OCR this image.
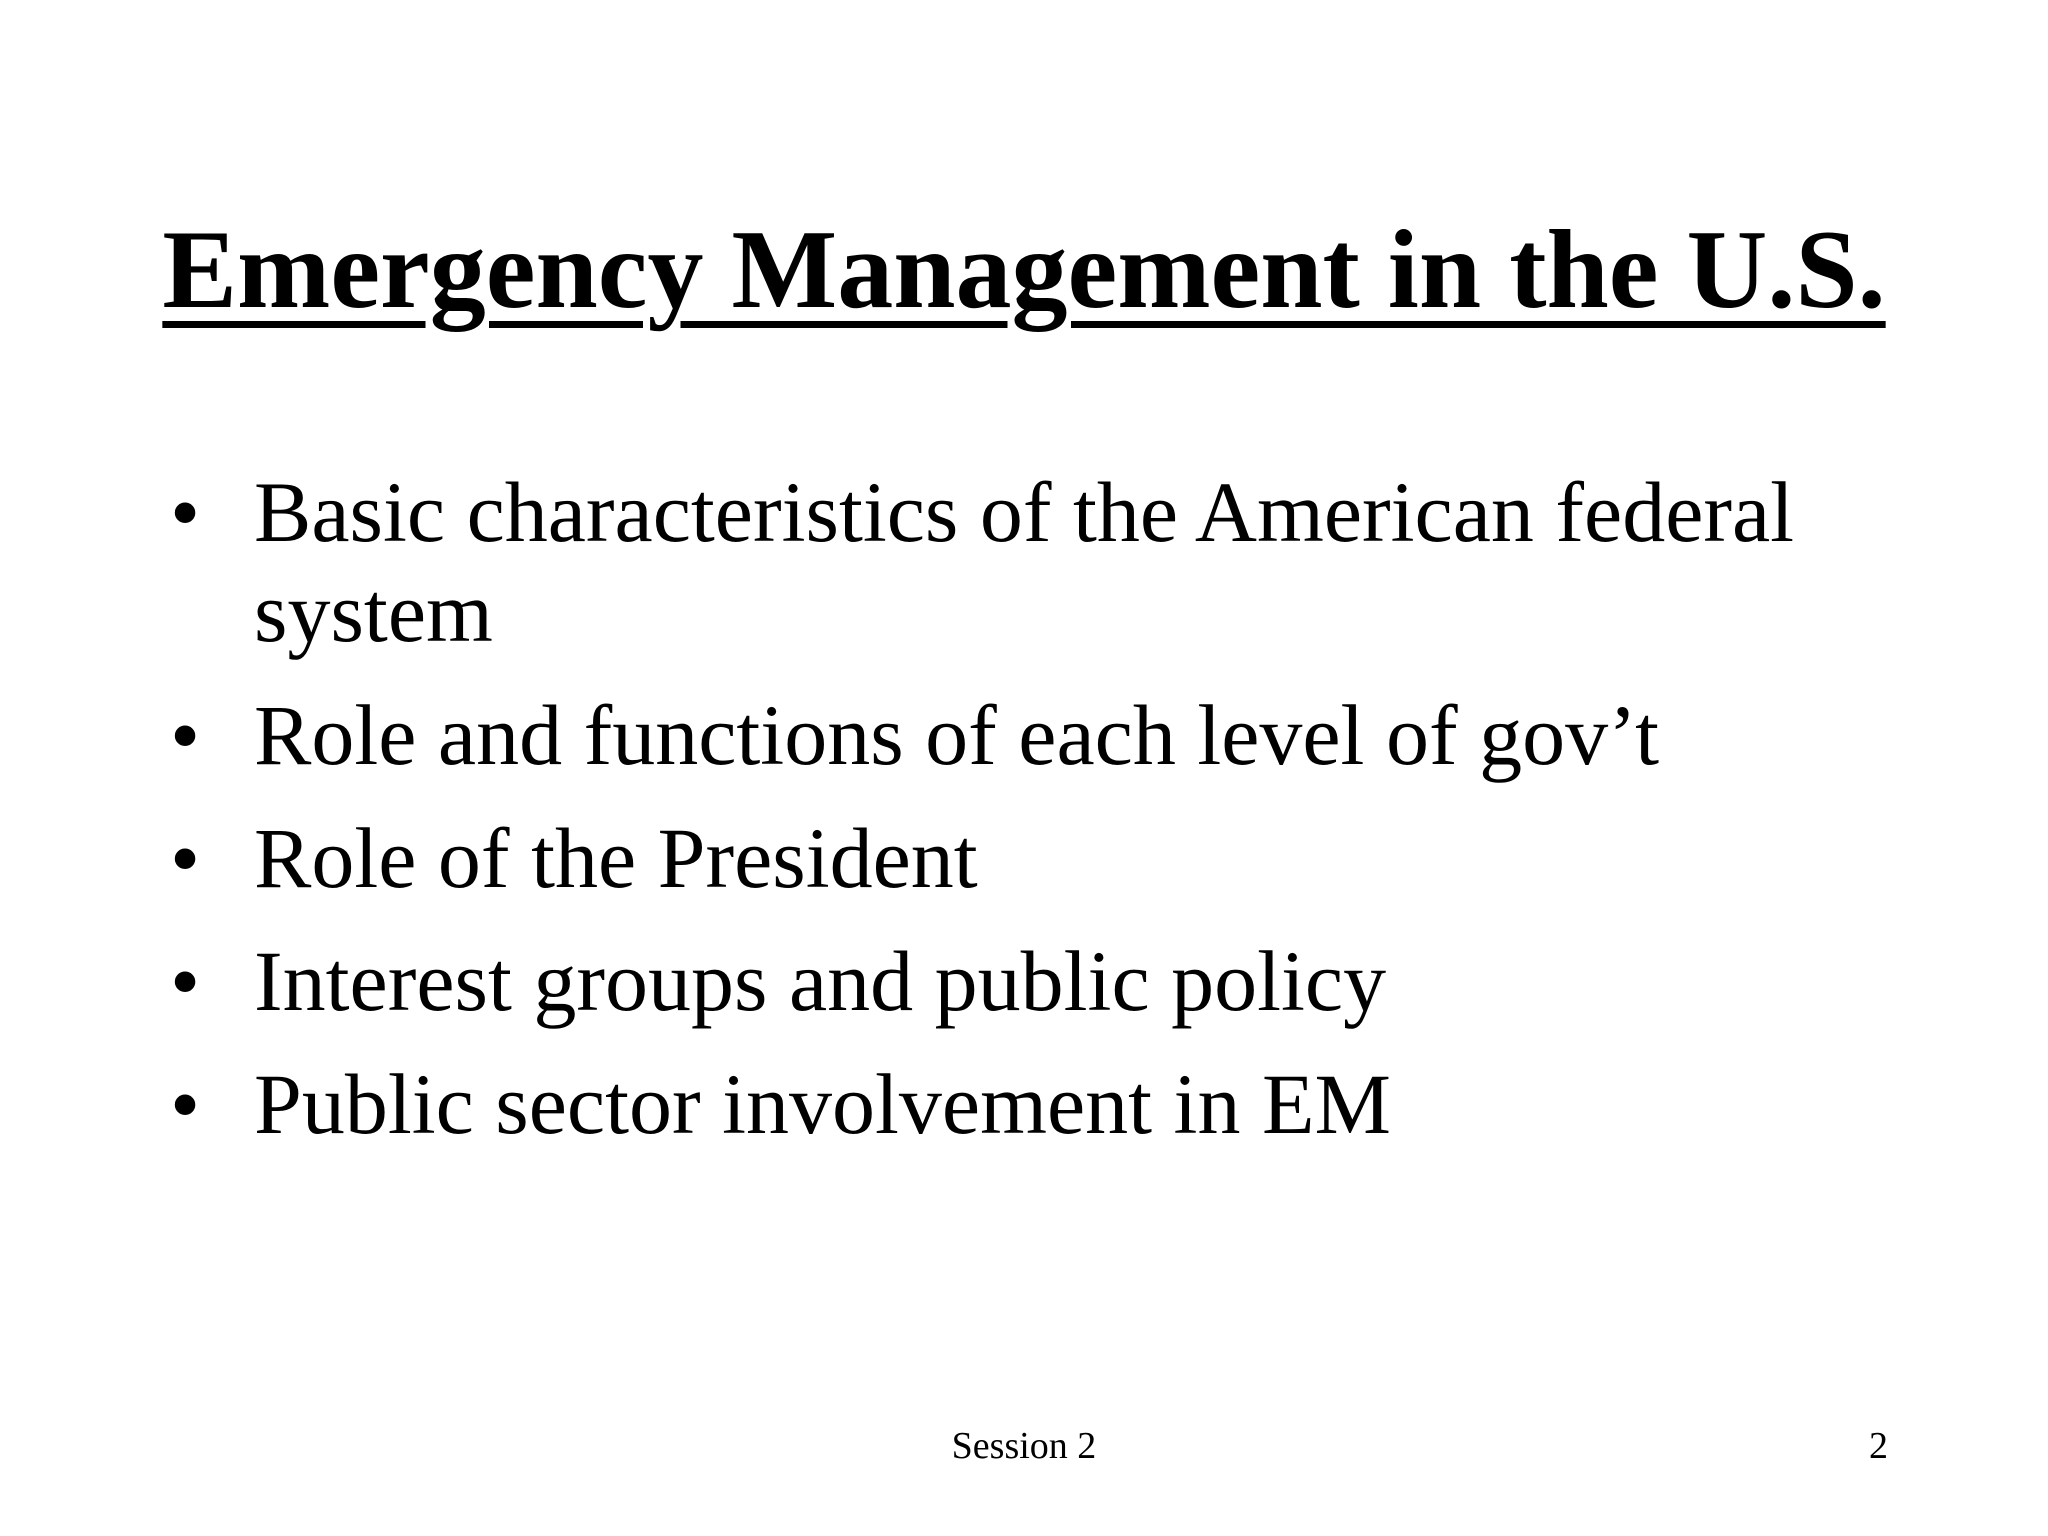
Emergency Management in the U.S.
• Basic characteristics of the American federal system
• Role and functions of each level of gov’t
• Role of the President
• Interest groups and public policy
• Public sector involvement in EM
Session 2	2
